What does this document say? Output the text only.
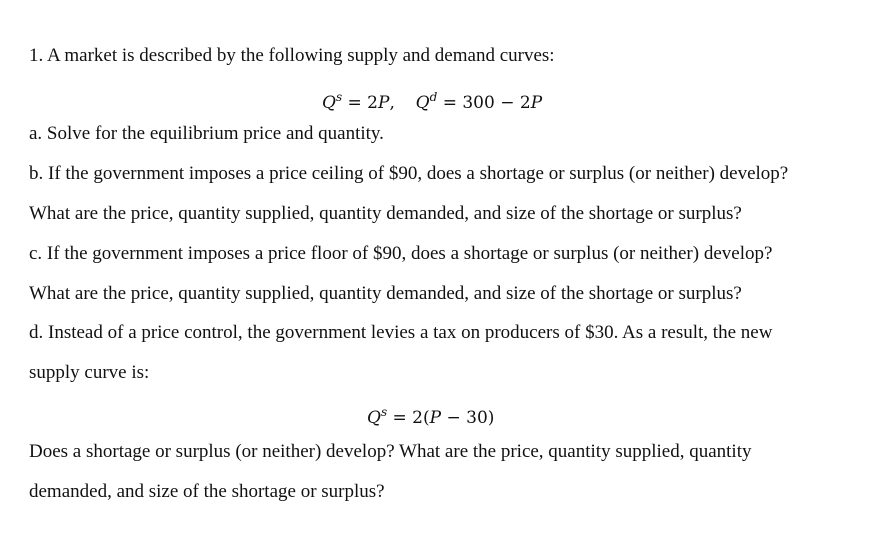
1. A market is described by the following supply and demand curves:
$Q^s = 2P$, $Q^d = 300 - 2P$
a. Solve for the equilibrium price and quantity.
b. If the government imposes a price ceiling of $90, does a shortage or surplus (or neither) develop?
What are the price, quantity supplied, quantity demanded, and size of the shortage or surplus?
c. If the government imposes a price floor of $90, does a shortage or surplus (or neither) develop?
What are the price, quantity supplied, quantity demanded, and size of the shortage or surplus?
d. Instead of a price control, the government levies a tax on producers of $30. As a result, the new
supply curve is:
$Q^s = 2(P - 30)$
Does a shortage or surplus (or neither) develop? What are the price, quantity supplied, quantity
demanded, and size of the shortage or surplus?
